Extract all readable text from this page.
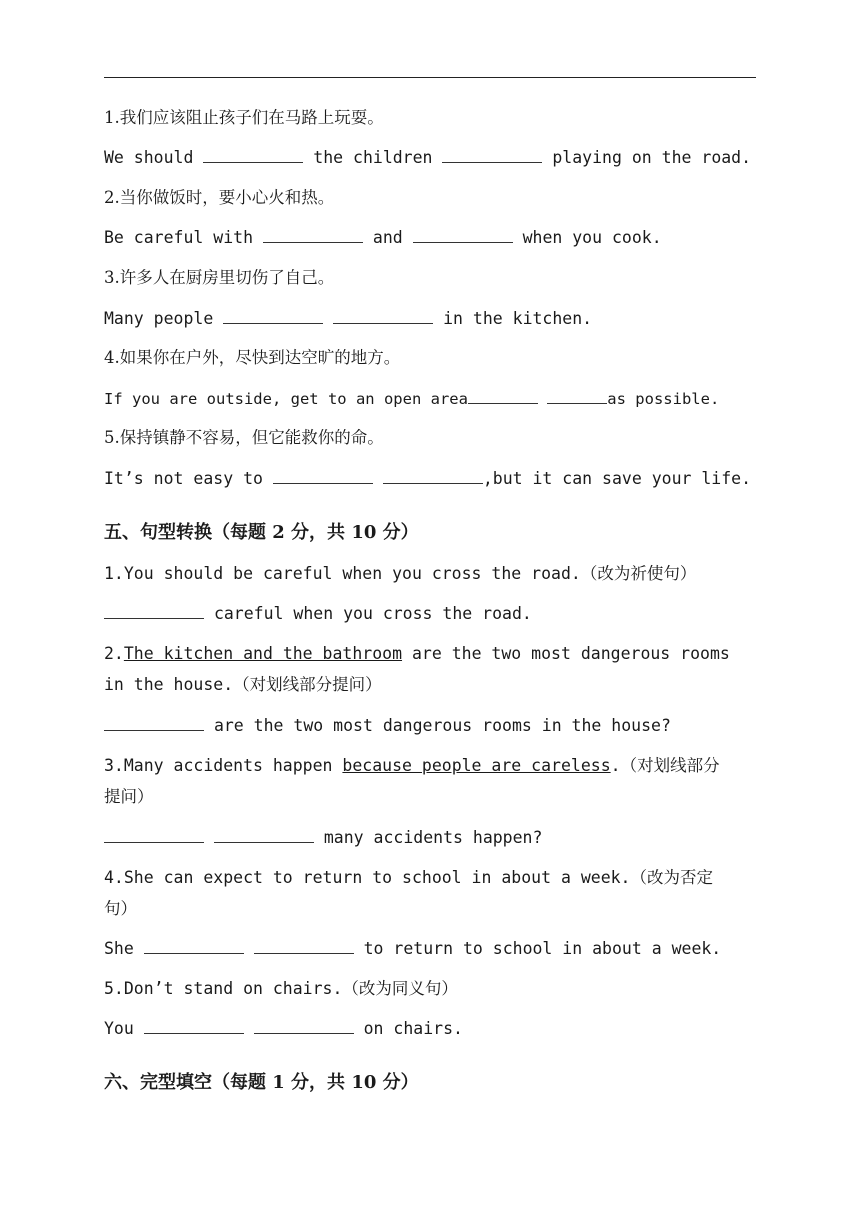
1.我们应该阻止孩子们在马路上玩耍。
We should	the children	playing on the road.
2.当你做饭时，要小心火和热。
Be careful with	and	when you cook.
3.许多人在厨房里切伤了自己。
Many people	in the kitchen.
4.如果你在户外，尽快到达空旷的地方。
If you are outside, get to an open area	as possible.
5.保持镇静不容易，但它能救你的命。
It’s not easy to	,but it can save your life.
五、句型转换（每题 2 分，共 10 分）
1.You should be careful when you cross the road.（改为祈使句）
careful when you cross the road.
2.The kitchen and the bathroom are the two most dangerous rooms
in the house.（对划线部分提问）
are the two most dangerous rooms in the house?
3.Many accidents happen because people are careless.（对划线部分
提问）
many accidents happen?
4.She can expect to return to school in about a week.（改为否定
句）
She	to return to school in about a week.
5.Don’t stand on chairs.（改为同义句）
You	on chairs.
六、完型填空（每题 1 分，共 10 分）
